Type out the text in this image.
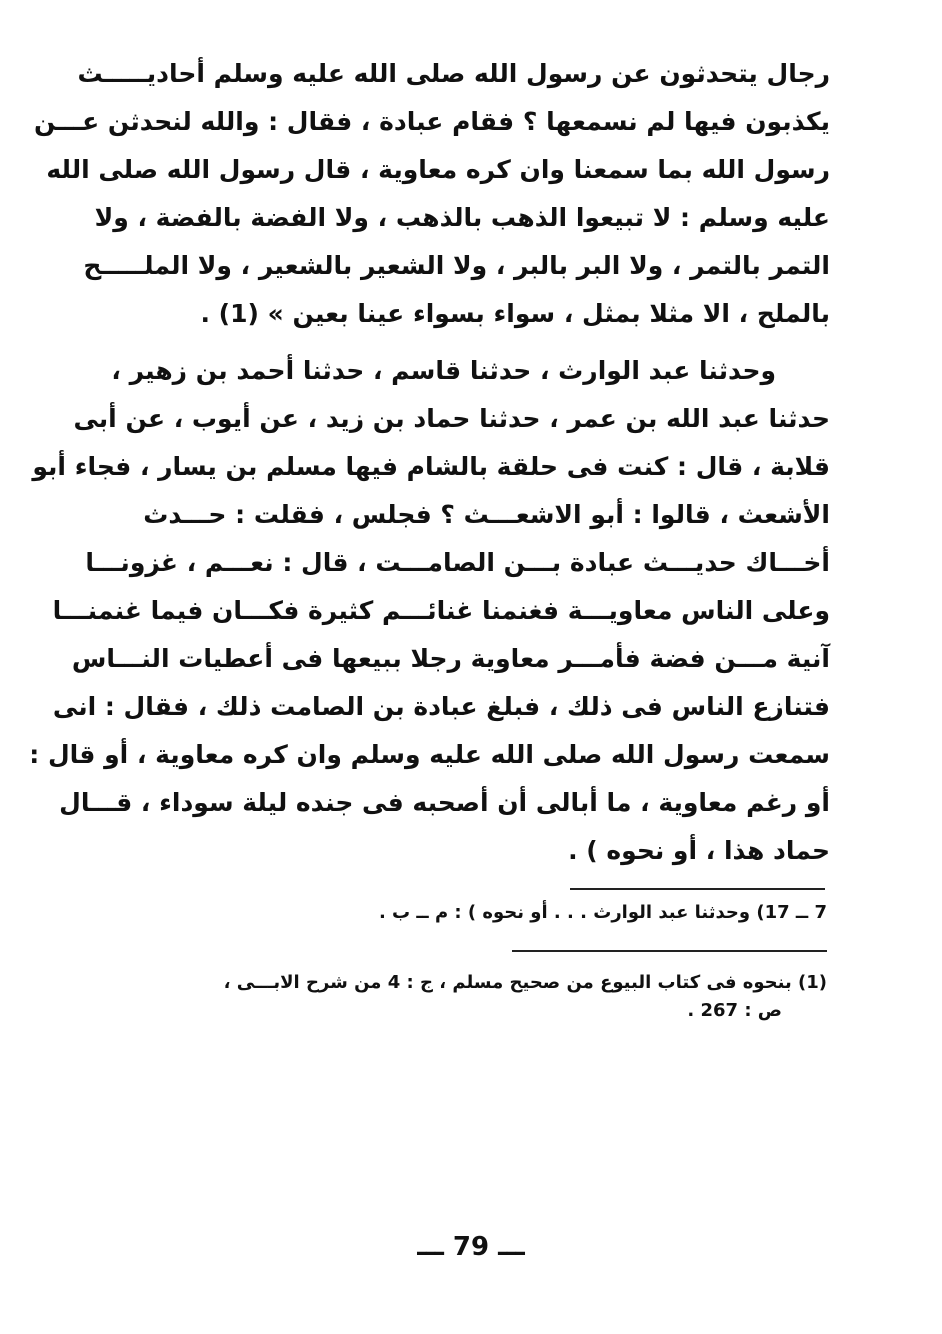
رجال يتحدثون عن رسول الله صلى الله عليه وسلم أحاديـــــث
يكذبون فيها لم نسمعها ؟ فقام عبادة ، فقال : والله لنحدثن عـــن
رسول الله بما سمعنا وان كره معاوية ، قال رسول الله صلى الله
عليه وسلم : لا تبيعوا الذهب بالذهب ، ولا الفضة بالفضة ، ولا
التمر بالتمر ، ولا البر بالبر ، ولا الشعير بالشعير ، ولا الملـــــح
بالملح ، الا مثلا بمثل ، سواء بسواء عينا بعين » (1) .
وحدثنا عبد الوارث ، حدثنا قاسم ، حدثنا أحمد بن زهير ،
حدثنا عبد الله بن عمر ، حدثنا حماد بن زيد ، عن أيوب ، عن أبى
قلابة ، قال : كنت فى حلقة بالشام فيها مسلم بن يسار ، فجاء أبو
الأشعث ، قالوا : أبو الاشعـــث ؟ فجلس ، فقلت : حـــدث
أخـــاك حديـــث عبادة بـــن الصامـــت ، قال : نعـــم ، غزونـــا
وعلى الناس معاويـــة فغنمنا غنائـــم كثيرة فكـــان فيما غنمنـــا
آنية مـــن فضة فأمـــر معاوية رجلا ببيعها فى أعطيات النـــاس
فتنازع الناس فى ذلك ، فبلغ عبادة بن الصامت ذلك ، فقال : انى
سمعت رسول الله صلى الله عليه وسلم وان كره معاوية ، أو قال :
أو رغم معاوية ، ما أبالى أن أصحبه فى جنده ليلة سوداء ، قـــال
حماد هذا ، أو نحوه ) .
7 ــ 17) وحدثنا عبد الوارث . . . أو نحوه ) : م ــ ب .
(1) بنحوه فى كتاب البيوع من صحيح مسلم ، ج : 4 من شرح الابـــى ،
ص : 267 .
ـــ 79 ـــ
